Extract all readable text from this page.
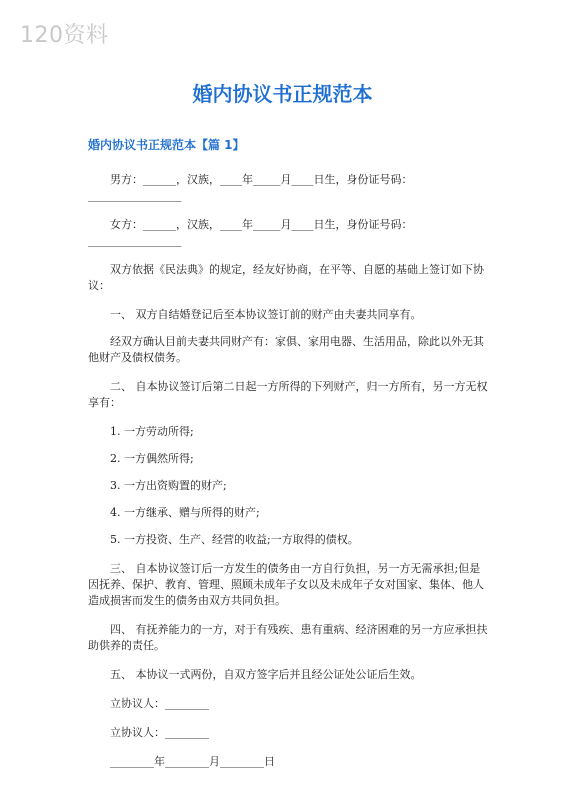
120资料
婚内协议书正规范本
婚内协议书正规范本【篇 1】

男方：______，汉族，____年_____月____日生，身份证号码：_________________

女方：______，汉族，____年_____月____日生，身份证号码：_________________

双方依据《民法典》的规定，经友好协商，在平等、自愿的基础上签订如下协议：

一、 双方自结婚登记后至本协议签订前的财产由夫妻共同享有。

经双方确认目前夫妻共同财产有：家俱、家用电器、生活用品，除此以外无其他财产及债权债务。

二、 自本协议签订后第二日起一方所得的下列财产，归一方所有，另一方无权享有：

1. 一方劳动所得;

2. 一方偶然所得;

3. 一方出资购置的财产;

4. 一方继承、赠与所得的财产;

5. 一方投资、生产、经营的收益;一方取得的债权。

三、 自本协议签订后一方发生的债务由一方自行负担，另一方无需承担;但是因抚养、保护、教育、管理、照顾未成年子女以及未成年子女对国家、集体、他人造成损害而发生的债务由双方共同负担。

四、 有抚养能力的一方，对于有残疾、患有重病、经济困难的另一方应承担扶助供养的责任。

五、 本协议一式两份，自双方签字后并且经公证处公证后生效。

立协议人：________

立协议人：________

________年________月________日
